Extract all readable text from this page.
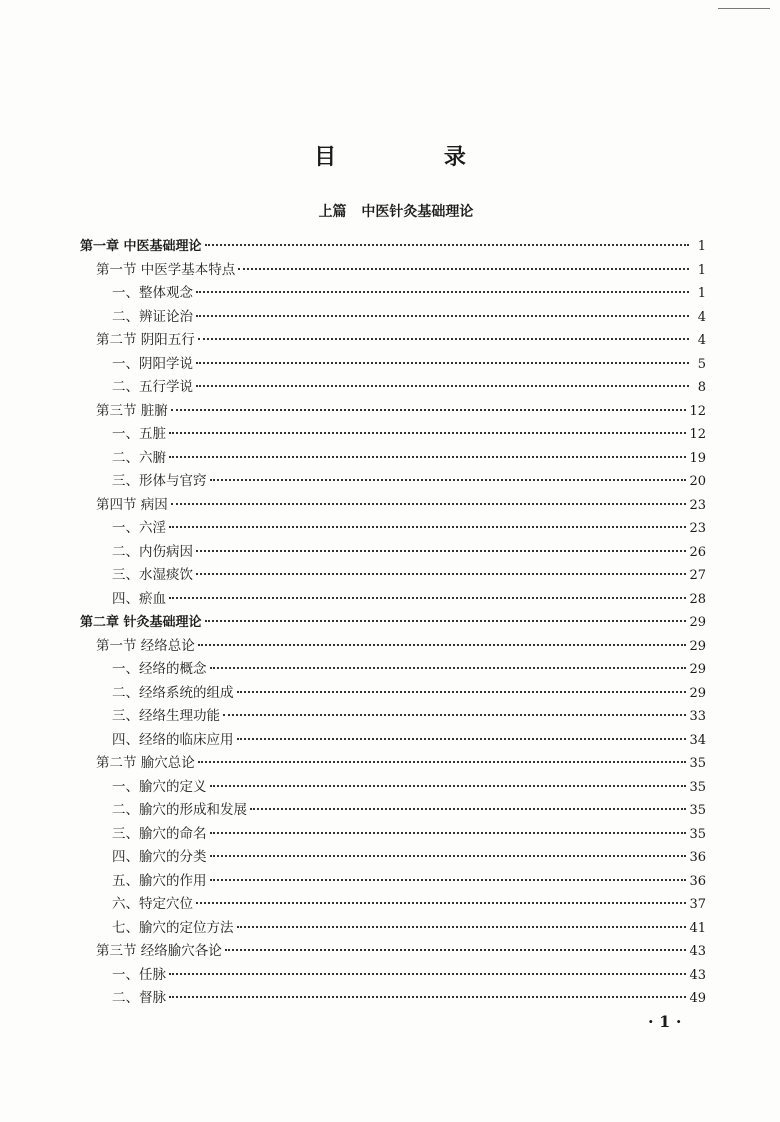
目 录
上篇 中医针灸基础理论
第一章 中医基础理论	1
第一节 中医学基本特点	1
一、整体观念	1
二、辨证论治	4
第二节 阴阳五行	4
一、阴阳学说	5
二、五行学说	8
第三节 脏腑	12
一、五脏	12
二、六腑	19
三、形体与官窍	20
第四节 病因	23
一、六淫	23
二、内伤病因	26
三、水湿痰饮	27
四、瘀血	28
第二章 针灸基础理论	29
第一节 经络总论	29
一、经络的概念	29
二、经络系统的组成	29
三、经络生理功能	33
四、经络的临床应用	34
第二节 腧穴总论	35
一、腧穴的定义	35
二、腧穴的形成和发展	35
三、腧穴的命名	35
四、腧穴的分类	36
五、腧穴的作用	36
六、特定穴位	37
七、腧穴的定位方法	41
第三节 经络腧穴各论	43
一、任脉	43
二、督脉	49
· 1 ·
